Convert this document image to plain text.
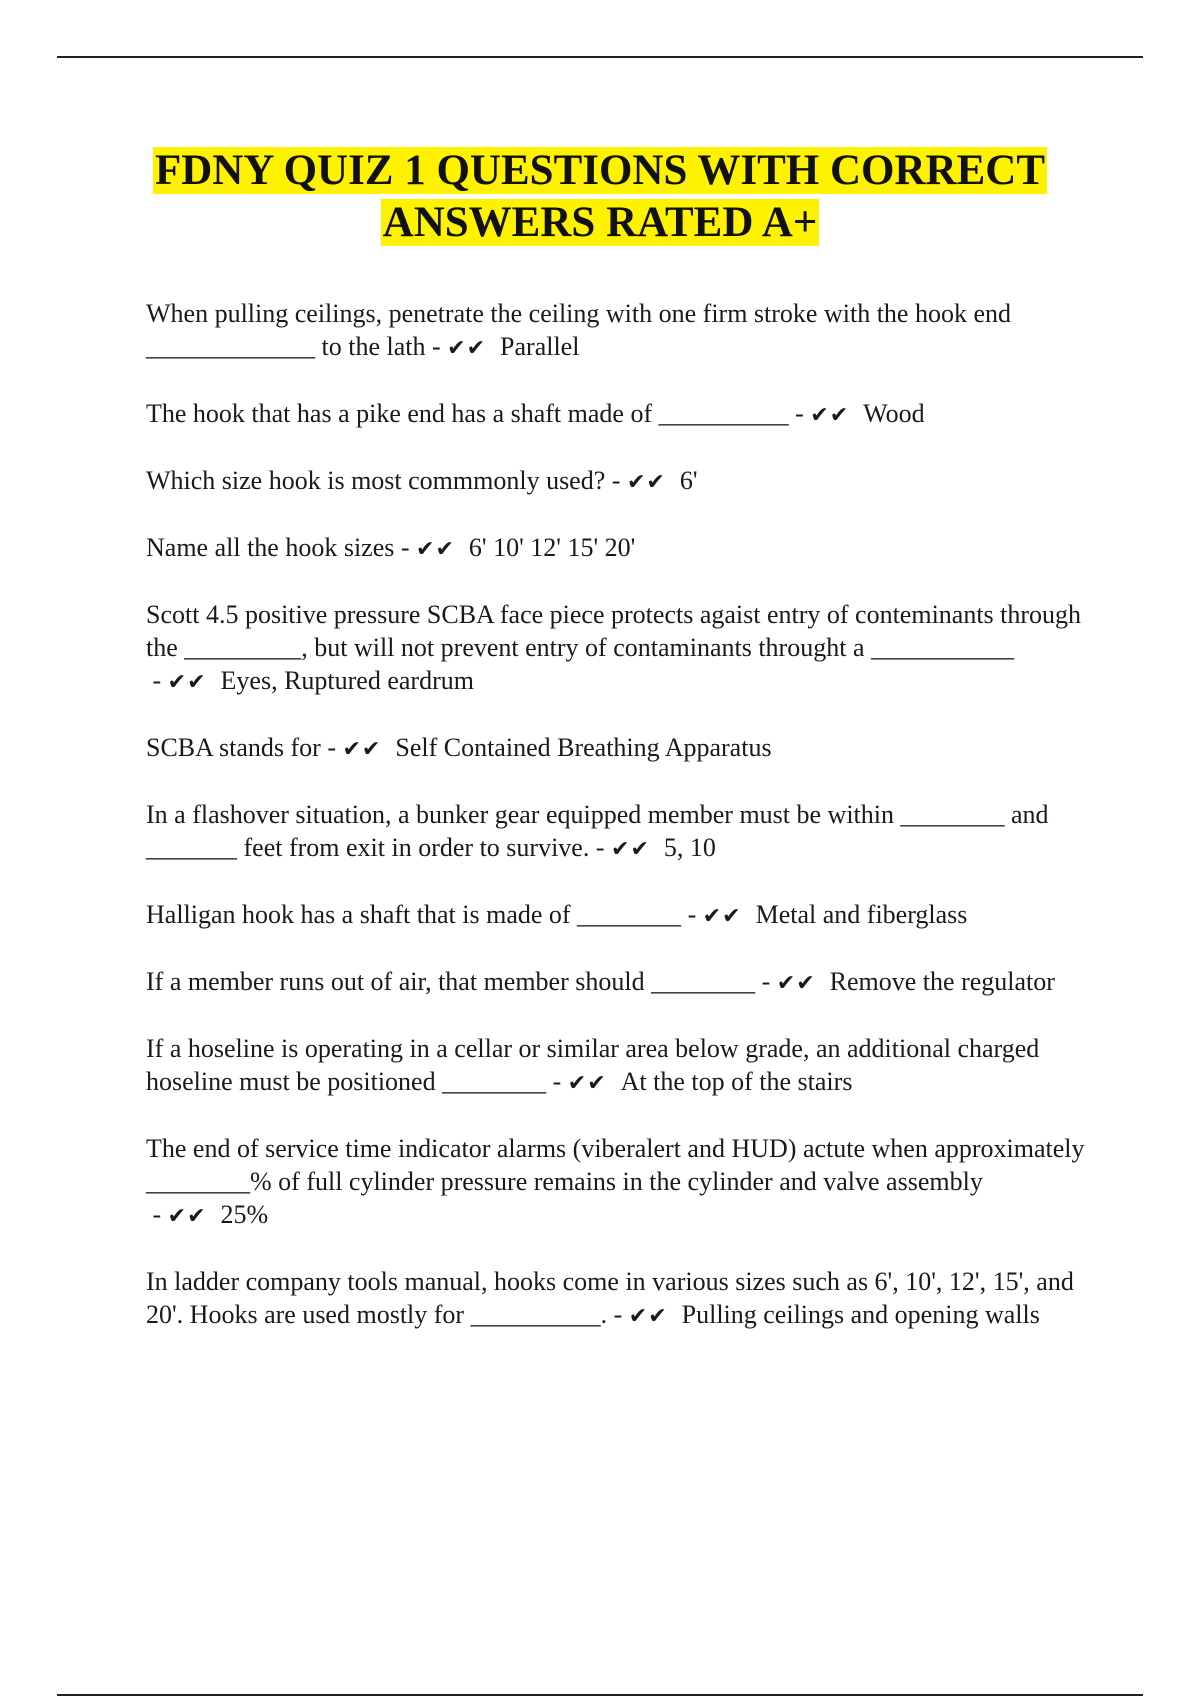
FDNY QUIZ 1 QUESTIONS WITH CORRECT ANSWERS RATED A+

When pulling ceilings, penetrate the ceiling with one firm stroke with the hook end _____________ to the lath - ✔✔ Parallel

The hook that has a pike end has a shaft made of __________ - ✔✔ Wood

Which size hook is most commmonly used? - ✔✔ 6'

Name all the hook sizes - ✔✔ 6' 10' 12' 15' 20'

Scott 4.5 positive pressure SCBA face piece protects agaist entry of conteminants through the _________, but will not prevent entry of contaminants throught a ___________ - ✔✔ Eyes, Ruptured eardrum

SCBA stands for - ✔✔ Self Contained Breathing Apparatus

In a flashover situation, a bunker gear equipped member must be within ________ and _______ feet from exit in order to survive. - ✔✔ 5, 10

Halligan hook has a shaft that is made of ________ - ✔✔ Metal and fiberglass

If a member runs out of air, that member should ________ - ✔✔ Remove the regulator

If a hoseline is operating in a cellar or similar area below grade, an additional charged hoseline must be positioned ________ - ✔✔ At the top of the stairs

The end of service time indicator alarms (viberalert and HUD) actute when approximately ________% of full cylinder pressure remains in the cylinder and valve assembly - ✔✔ 25%

In ladder company tools manual, hooks come in various sizes such as 6', 10', 12', 15', and 20'. Hooks are used mostly for __________. - ✔✔ Pulling ceilings and opening walls
